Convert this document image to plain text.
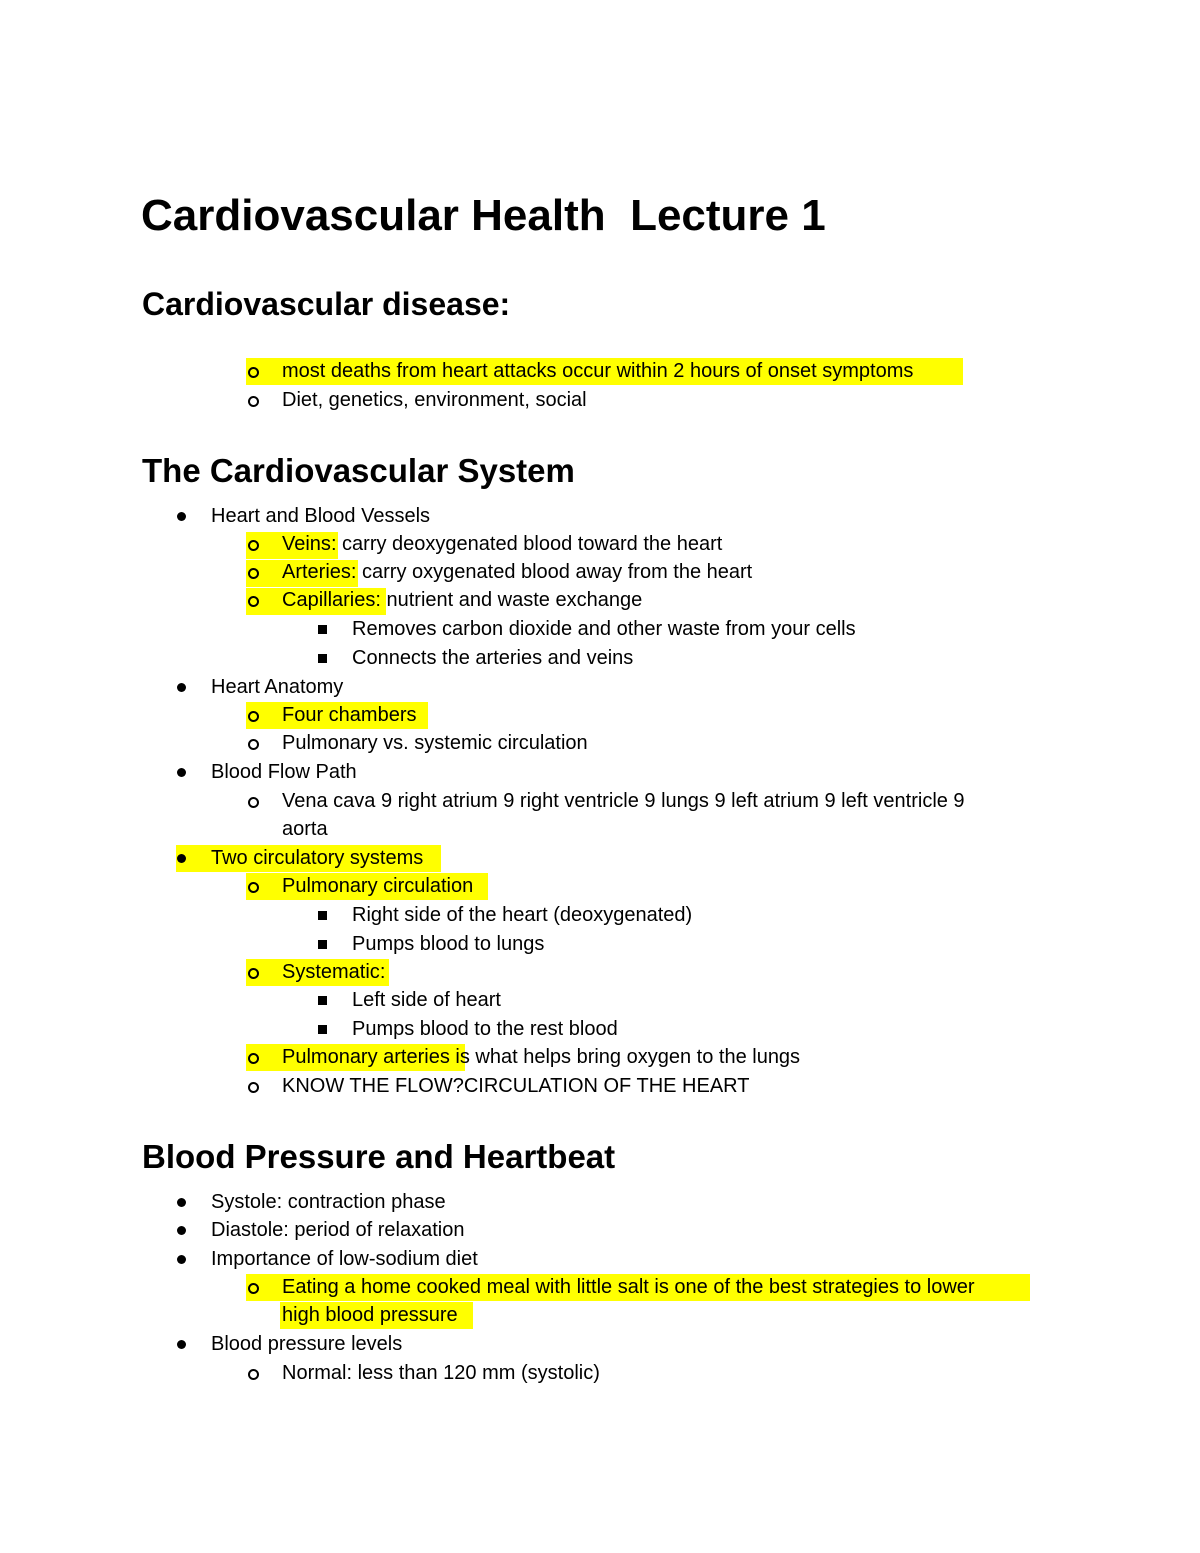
Cardiovascular Health  Lecture 1
Cardiovascular disease:
most deaths from heart attacks occur within 2 hours of onset symptoms
Diet, genetics, environment, social
The Cardiovascular System
Heart and Blood Vessels
Veins: carry deoxygenated blood toward the heart
Arteries: carry oxygenated blood away from the heart
Capillaries: nutrient and waste exchange
Removes carbon dioxide and other waste from your cells
Connects the arteries and veins
Heart Anatomy
Four chambers
Pulmonary vs. systemic circulation
Blood Flow Path
Vena cava 9 right atrium 9 right ventricle 9 lungs 9 left atrium 9 left ventricle 9
aorta
Two circulatory systems
Pulmonary circulation
Right side of the heart (deoxygenated)
Pumps blood to lungs
Systematic:
Left side of heart
Pumps blood to the rest blood
Pulmonary arteries is what helps bring oxygen to the lungs
KNOW THE FLOW?CIRCULATION OF THE HEART
Blood Pressure and Heartbeat
Systole: contraction phase
Diastole: period of relaxation
Importance of low-sodium diet
Eating a home cooked meal with little salt is one of the best strategies to lower
high blood pressure
Blood pressure levels
Normal: less than 120 mm (systolic)
